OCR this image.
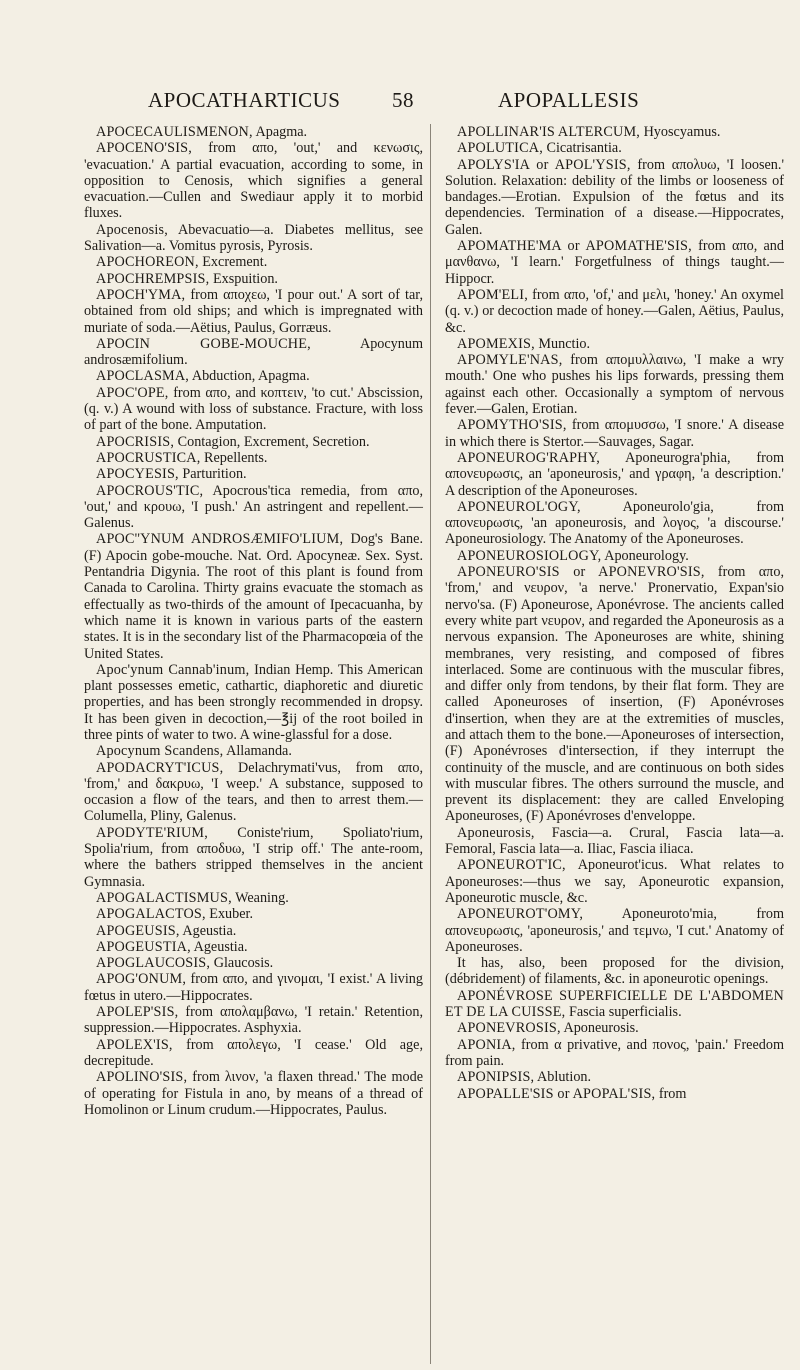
APOCATHARTICUS 58	APOPALLESIS

APOCECAULISMENON, Apagma.

APOCENO'SIS, from απο, 'out,' and κενωσις, 'evacuation.' A partial evacuation, according to some, in opposition to Cenosis, which signifies a general evacuation.—Cullen and Swediaur apply it to morbid fluxes.

Apocenosis, Abevacuatio—a. Diabetes mellitus, see Salivation—a. Vomitus pyrosis, Pyrosis.

APOCHOREON, Excrement.

APOCHREMPSIS, Exspuition.

APOCH'YMA, from αποχεω, 'I pour out.' A sort of tar, obtained from old ships; and which is impregnated with muriate of soda.—Aëtius, Paulus, Gorræus.

APOCIN GOBE-MOUCHE, Apocynum androsæmifolium.

APOCLASMA, Abduction, Apagma.

APOC'OPE, from απο, and κοπτειν, 'to cut.' Abscission, (q. v.) A wound with loss of substance. Fracture, with loss of part of the bone. Amputation.

APOCRISIS, Contagion, Excrement, Secretion.

APOCRUSTICA, Repellents.

APOCYESIS, Parturition.

APOCROUS'TIC, Apocrous'tica remedia, from απο, 'out,' and κρουω, 'I push.' An astringent and repellent.—Galenus.

APOC''YNUM ANDROSÆMIFO'LIUM, Dog's Bane. (F) Apocin gobe-mouche. Nat. Ord. Apocyneæ. Sex. Syst. Pentandria Digynia. The root of this plant is found from Canada to Carolina. Thirty grains evacuate the stomach as effectually as two-thirds of the amount of Ipecacuanha, by which name it is known in various parts of the eastern states. It is in the secondary list of the Pharmacopœia of the United States.

Apoc'ynum Cannab'inum, Indian Hemp. This American plant possesses emetic, cathartic, diaphoretic and diuretic properties, and has been strongly recommended in dropsy. It has been given in decoction,—℥ij of the root boiled in three pints of water to two. A wine-glassful for a dose.

Apocynum Scandens, Allamanda.

APODACRYT'ICUS, Delachrymati'vus, from απο, 'from,' and δακρυω, 'I weep.' A substance, supposed to occasion a flow of the tears, and then to arrest them.—Columella, Pliny, Galenus.

APODYTE'RIUM, Coniste'rium, Spoliato'rium, Spolia'rium, from αποδυω, 'I strip off.' The ante-room, where the bathers stripped themselves in the ancient Gymnasia.

APOGALACTISMUS, Weaning.

APOGALACTOS, Exuber.

APOGEUSIS, Ageustia.

APOGEUSTIA, Ageustia.

APOGLAUCOSIS, Glaucosis.

APOG'ONUM, from απο, and γινομαι, 'I exist.' A living fœtus in utero.—Hippocrates.

APOLEP'SIS, from απολαμβανω, 'I retain.' Retention, suppression.—Hippocrates. Asphyxia.

APOLEX'IS, from απολεγω, 'I cease.' Old age, decrepitude.

APOLINO'SIS, from λινον, 'a flaxen thread.' The mode of operating for Fistula in ano, by means of a thread of Homolinon or Linum crudum.—Hippocrates, Paulus.

APOLLINAR'IS ALTERCUM, Hyoscyamus.

APOLUTICA, Cicatrisantia.

APOLYS'IA or APOL'YSIS, from απολυω, 'I loosen.' Solution. Relaxation: debility of the limbs or looseness of bandages.—Erotian. Expulsion of the fœtus and its dependencies. Termination of a disease.—Hippocrates, Galen.

APOMATHE'MA or APOMATHE'SIS, from απο, and μανθανω, 'I learn.' Forgetfulness of things taught.—Hippocr.

APOM'ELI, from απο, 'of,' and μελι, 'honey.' An oxymel (q. v.) or decoction made of honey.—Galen, Aëtius, Paulus, &c.

APOMEXIS, Munctio.

APOMYLE'NAS, from απομυλλαινω, 'I make a wry mouth.' One who pushes his lips forwards, pressing them against each other. Occasionally a symptom of nervous fever.—Galen, Erotian.

APOMYTHO'SIS, from απομυσσω, 'I snore.' A disease in which there is Stertor.—Sauvages, Sagar.

APONEUROG'RAPHY, Aponeurogra'phia, from απονευρωσις, an 'aponeurosis,' and γραφη, 'a description.' A description of the Aponeuroses.

APONEUROL'OGY, Aponeurolo'gia, from απονευρωσις, 'an aponeurosis, and λογος, 'a discourse.' Aponeurosiology. The Anatomy of the Aponeuroses.

APONEUROSIOLOGY, Aponeurology.

APONEURO'SIS or APONEVRO'SIS, from απο, 'from,' and νευρον, 'a nerve.' Pronervatio, Expan'sio nervo'sa. (F) Aponeurose, Aponévrose. The ancients called every white part νευρον, and regarded the Aponeurosis as a nervous expansion. The Aponeuroses are white, shining membranes, very resisting, and composed of fibres interlaced. Some are continuous with the muscular fibres, and differ only from tendons, by their flat form. They are called Aponeuroses of insertion, (F) Aponévroses d'insertion, when they are at the extremities of muscles, and attach them to the bone.—Aponeuroses of intersection, (F) Aponévroses d'intersection, if they interrupt the continuity of the muscle, and are continuous on both sides with muscular fibres. The others surround the muscle, and prevent its displacement: they are called Enveloping Aponeuroses, (F) Aponévroses d'enveloppe.

Aponeurosis, Fascia—a. Crural, Fascia lata—a. Femoral, Fascia lata—a. Iliac, Fascia iliaca.

APONEUROT'IC, Aponeurot'icus. What relates to Aponeuroses:—thus we say, Aponeurotic expansion, Aponeurotic muscle, &c.

APONEUROT'OMY, Aponeuroto'mia, from απονευρωσις, 'aponeurosis,' and τεμνω, 'I cut.' Anatomy of Aponeuroses.

It has, also, been proposed for the division, (débridement) of filaments, &c. in aponeurotic openings.

APONÉVROSE SUPERFICIELLE DE L'ABDOMEN ET DE LA CUISSE, Fascia superficialis.

APONEVROSIS, Aponeurosis.

APONIA, from α privative, and πονος, 'pain.' Freedom from pain.

APONIPSIS, Ablution.

APOPALLE'SIS or APOPAL'SIS, from
